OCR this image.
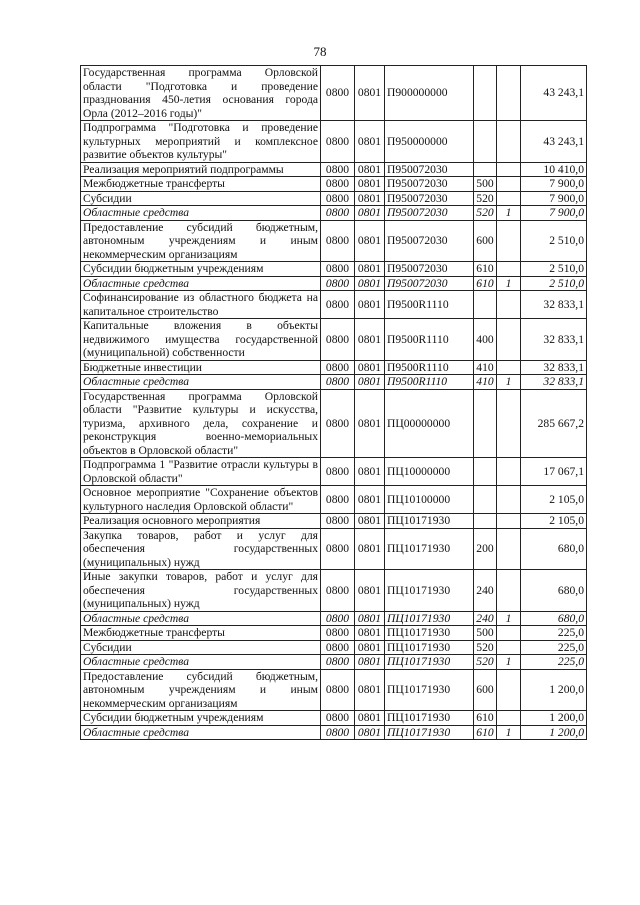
78
Государственная программа Орловской области "Подготовка и проведение празднования 450-летия основания города Орла (2012–2016 годы)"	0800	0801	П900000000			43 243,1
Подпрограмма "Подготовка и проведение культурных мероприятий и комплексное развитие объектов культуры"	0800	0801	П950000000			43 243,1
Реализация мероприятий подпрограммы	0800	0801	П950072030			10 410,0
Межбюджетные трансферты	0800	0801	П950072030	500		7 900,0
Субсидии	0800	0801	П950072030	520		7 900,0
Областные средства	0800	0801	П950072030	520	1	7 900,0
Предоставление субсидий бюджетным, автономным учреждениям и иным некоммерческим организациям	0800	0801	П950072030	600		2 510,0
Субсидии бюджетным учреждениям	0800	0801	П950072030	610		2 510,0
Областные средства	0800	0801	П950072030	610	1	2 510,0
Софинансирование из областного бюджета на капитальное строительство	0800	0801	П9500R1110			32 833,1
Капитальные вложения в объекты недвижимого имущества государственной (муниципальной) собственности	0800	0801	П9500R1110	400		32 833,1
Бюджетные инвестиции	0800	0801	П9500R1110	410		32 833,1
Областные средства	0800	0801	П9500R1110	410	1	32 833,1
Государственная программа Орловской области "Развитие культуры и искусства, туризма, архивного дела, сохранение и реконструкция военно-мемориальных объектов в Орловской области"	0800	0801	ПЦ00000000			285 667,2
Подпрограмма 1 "Развитие отрасли культуры в Орловской области"	0800	0801	ПЦ10000000			17 067,1
Основное мероприятие "Сохранение объектов культурного наследия Орловской области"	0800	0801	ПЦ10100000			2 105,0
Реализация основного мероприятия	0800	0801	ПЦ10171930			2 105,0
Закупка товаров, работ и услуг для обеспечения государственных (муниципальных) нужд	0800	0801	ПЦ10171930	200		680,0
Иные закупки товаров, работ и услуг для обеспечения государственных (муниципальных) нужд	0800	0801	ПЦ10171930	240		680,0
Областные средства	0800	0801	ПЦ10171930	240	1	680,0
Межбюджетные трансферты	0800	0801	ПЦ10171930	500		225,0
Субсидии	0800	0801	ПЦ10171930	520		225,0
Областные средства	0800	0801	ПЦ10171930	520	1	225,0
Предоставление субсидий бюджетным, автономным учреждениям и иным некоммерческим организациям	0800	0801	ПЦ10171930	600		1 200,0
Субсидии бюджетным учреждениям	0800	0801	ПЦ10171930	610		1 200,0
Областные средства	0800	0801	ПЦ10171930	610	1	1 200,0
